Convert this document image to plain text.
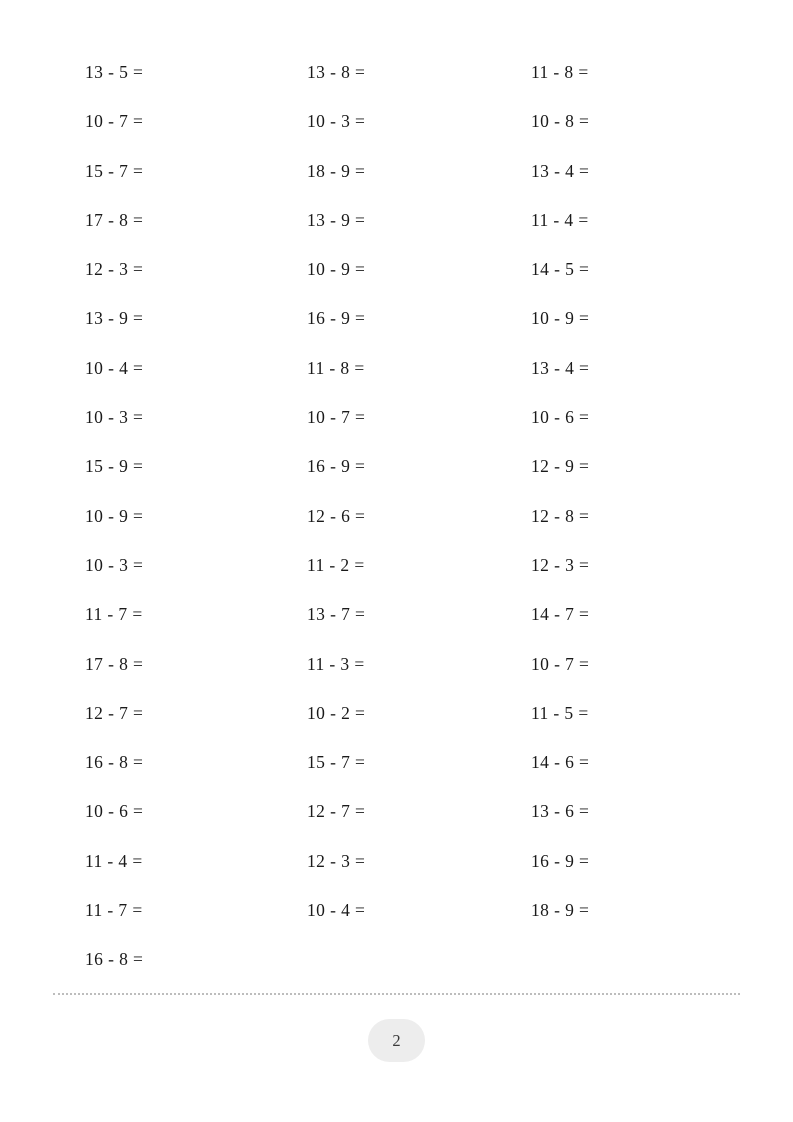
13 - 5 =
10 - 7 =
15 - 7 =
17 - 8 =
12 - 3 =
13 - 9 =
10 - 4 =
10 - 3 =
15 - 9 =
10 - 9 =
10 - 3 =
11 - 7 =
17 - 8 =
12 - 7 =
16 - 8 =
10 - 6 =
11 - 4 =
11 - 7 =
16 - 8 =
13 - 8 =
10 - 3 =
18 - 9 =
13 - 9 =
10 - 9 =
16 - 9 =
11 - 8 =
10 - 7 =
16 - 9 =
12 - 6 =
11 - 2 =
13 - 7 =
11 - 3 =
10 - 2 =
15 - 7 =
12 - 7 =
12 - 3 =
10 - 4 =
11 - 8 =
10 - 8 =
13 - 4 =
11 - 4 =
14 - 5 =
10 - 9 =
13 - 4 =
10 - 6 =
12 - 9 =
12 - 8 =
12 - 3 =
14 - 7 =
10 - 7 =
11 - 5 =
14 - 6 =
13 - 6 =
16 - 9 =
18 - 9 =
2
